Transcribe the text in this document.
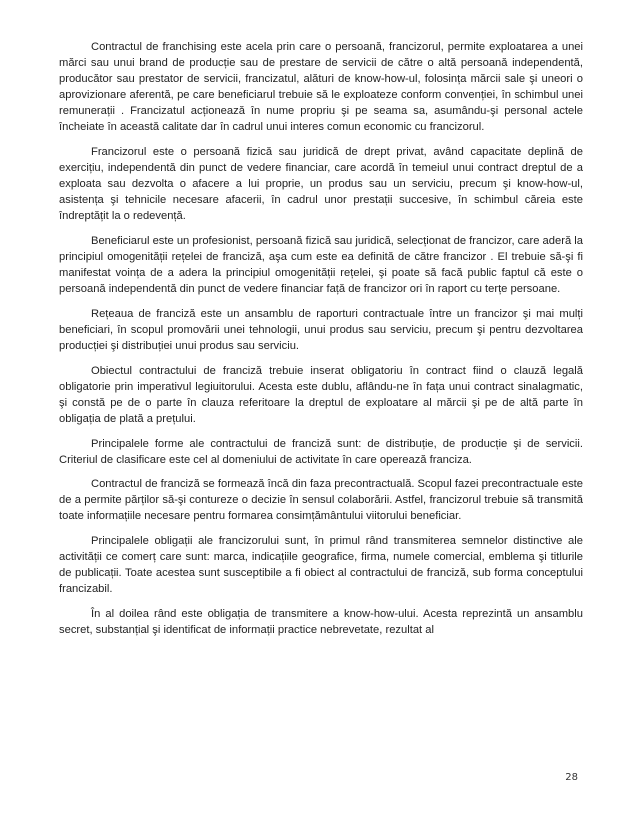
Contractul de franchising este acela prin care o persoană, francizorul, permite exploatarea a unei mărci sau unui brand de producție sau de prestare de servicii de către o altă persoană independentă, producător sau prestator de servicii, francizatul, alături de know-how-ul, folosința mărcii sale şi uneori o aprovizionare aferentă, pe care beneficiarul trebuie să le exploateze conform convenției, în schimbul unei remunerații . Francizatul acționează în nume propriu şi pe seama sa, asumându-şi personal actele încheiate în această calitate dar în cadrul unui interes comun economic cu francizorul.

Francizorul este o persoană fizică sau juridică de drept privat, având capacitate deplină de exercițiu, independentă din punct de vedere financiar, care acordă în temeiul unui contract dreptul de a exploata sau dezvolta o afacere a lui proprie, un produs sau un serviciu, precum şi know-how-ul, asistența şi tehnicile necesare afacerii, în cadrul unor prestații succesive, în schimbul căreia este îndreptățit la o redevență.

Beneficiarul este un profesionist, persoană fizică sau juridică, selecționat de francizor, care aderă la principiul omogenității rețelei de franciză, aşa cum este ea definită de către francizor . El trebuie să-şi fi manifestat voința de a adera la principiul omogenității rețelei, şi poate să facă public faptul că este o persoană independentă din punct de vedere financiar față de francizor ori în raport cu terțe persoane.

Rețeaua de franciză este un ansamblu de raporturi contractuale între un francizor şi mai mulți beneficiari, în scopul promovării unei tehnologii, unui produs sau serviciu, precum şi pentru dezvoltarea producției şi distribuției unui produs sau serviciu.

Obiectul contractului de franciză trebuie inserat obligatoriu în contract fiind o clauză legală obligatorie prin imperativul legiuitorului. Acesta este dublu, aflându-ne în fața unui contract sinalagmatic, şi constă pe de o parte în clauza referitoare la dreptul de exploatare al mărcii şi pe de altă parte în obligația de plată a prețului.

Principalele forme ale contractului de franciză sunt: de distribuție, de producție şi de servicii. Criteriul de clasificare este cel al domeniului de activitate în care operează franciza.

Contractul de franciză se formează încă din faza precontractuală. Scopul fazei precontractuale este de a permite părților să-şi contureze o decizie în sensul colaborării. Astfel, francizorul trebuie să transmită toate informațiile necesare pentru formarea consimțământului viitorului beneficiar.

Principalele obligații ale francizorului sunt, în primul rând transmiterea semnelor distinctive ale activității ce comerț care sunt: marca, indicațiile geografice, firma, numele comercial, emblema şi titlurile de publicații. Toate acestea sunt susceptibile a fi obiect al contractului de franciză, sub forma conceptului francizabil.

În al doilea rând este obligația de transmitere a know-how-ului. Acesta reprezintă un ansamblu secret, substanțial şi identificat de informații practice nebrevetate, rezultat al

28
